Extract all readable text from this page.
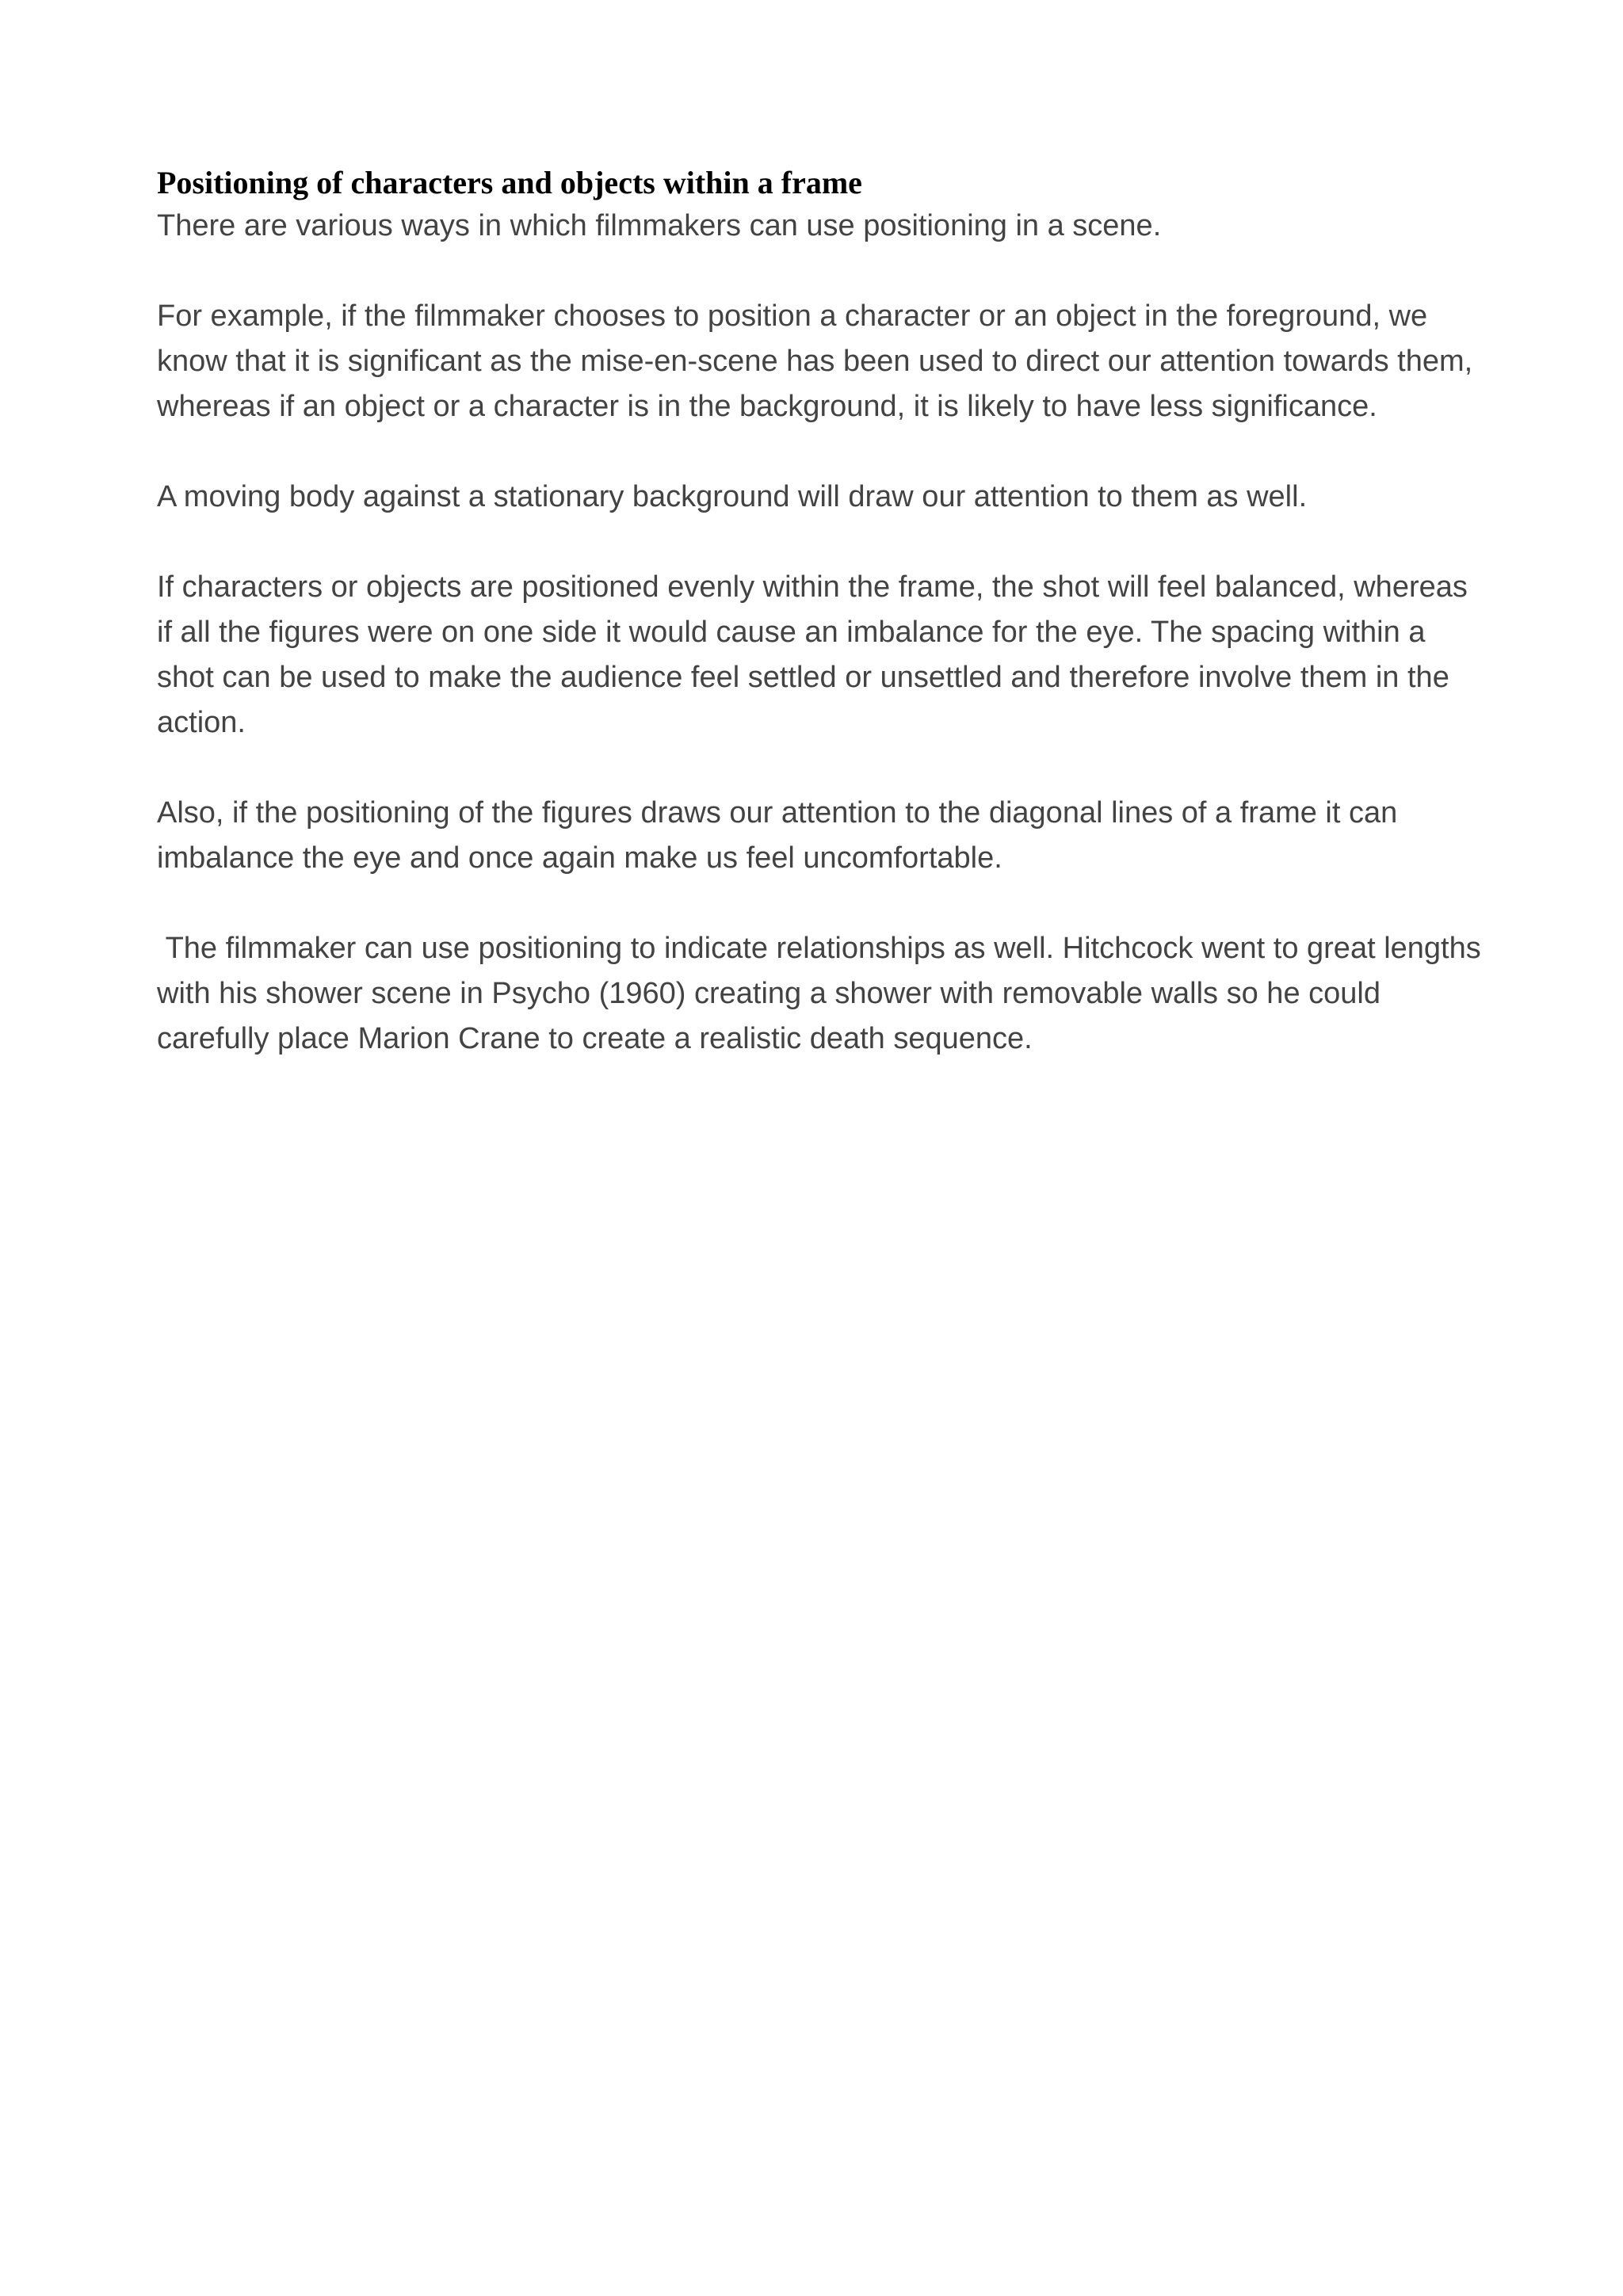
Positioning of characters and objects within a frame

There are various ways in which filmmakers can use positioning in a scene.

For example, if the filmmaker chooses to position a character or an object in the foreground, we know that it is significant as the mise-en-scene has been used to direct our attention towards them, whereas if an object or a character is in the background, it is likely to have less significance.

A moving body against a stationary background will draw our attention to them as well.

If characters or objects are positioned evenly within the frame, the shot will feel balanced, whereas if all the figures were on one side it would cause an imbalance for the eye. The spacing within a shot can be used to make the audience feel settled or unsettled and therefore involve them in the action.

Also, if the positioning of the figures draws our attention to the diagonal lines of a frame it can imbalance the eye and once again make us feel uncomfortable.

The filmmaker can use positioning to indicate relationships as well. Hitchcock went to great lengths with his shower scene in Psycho (1960) creating a shower with removable walls so he could carefully place Marion Crane to create a realistic death sequence.
